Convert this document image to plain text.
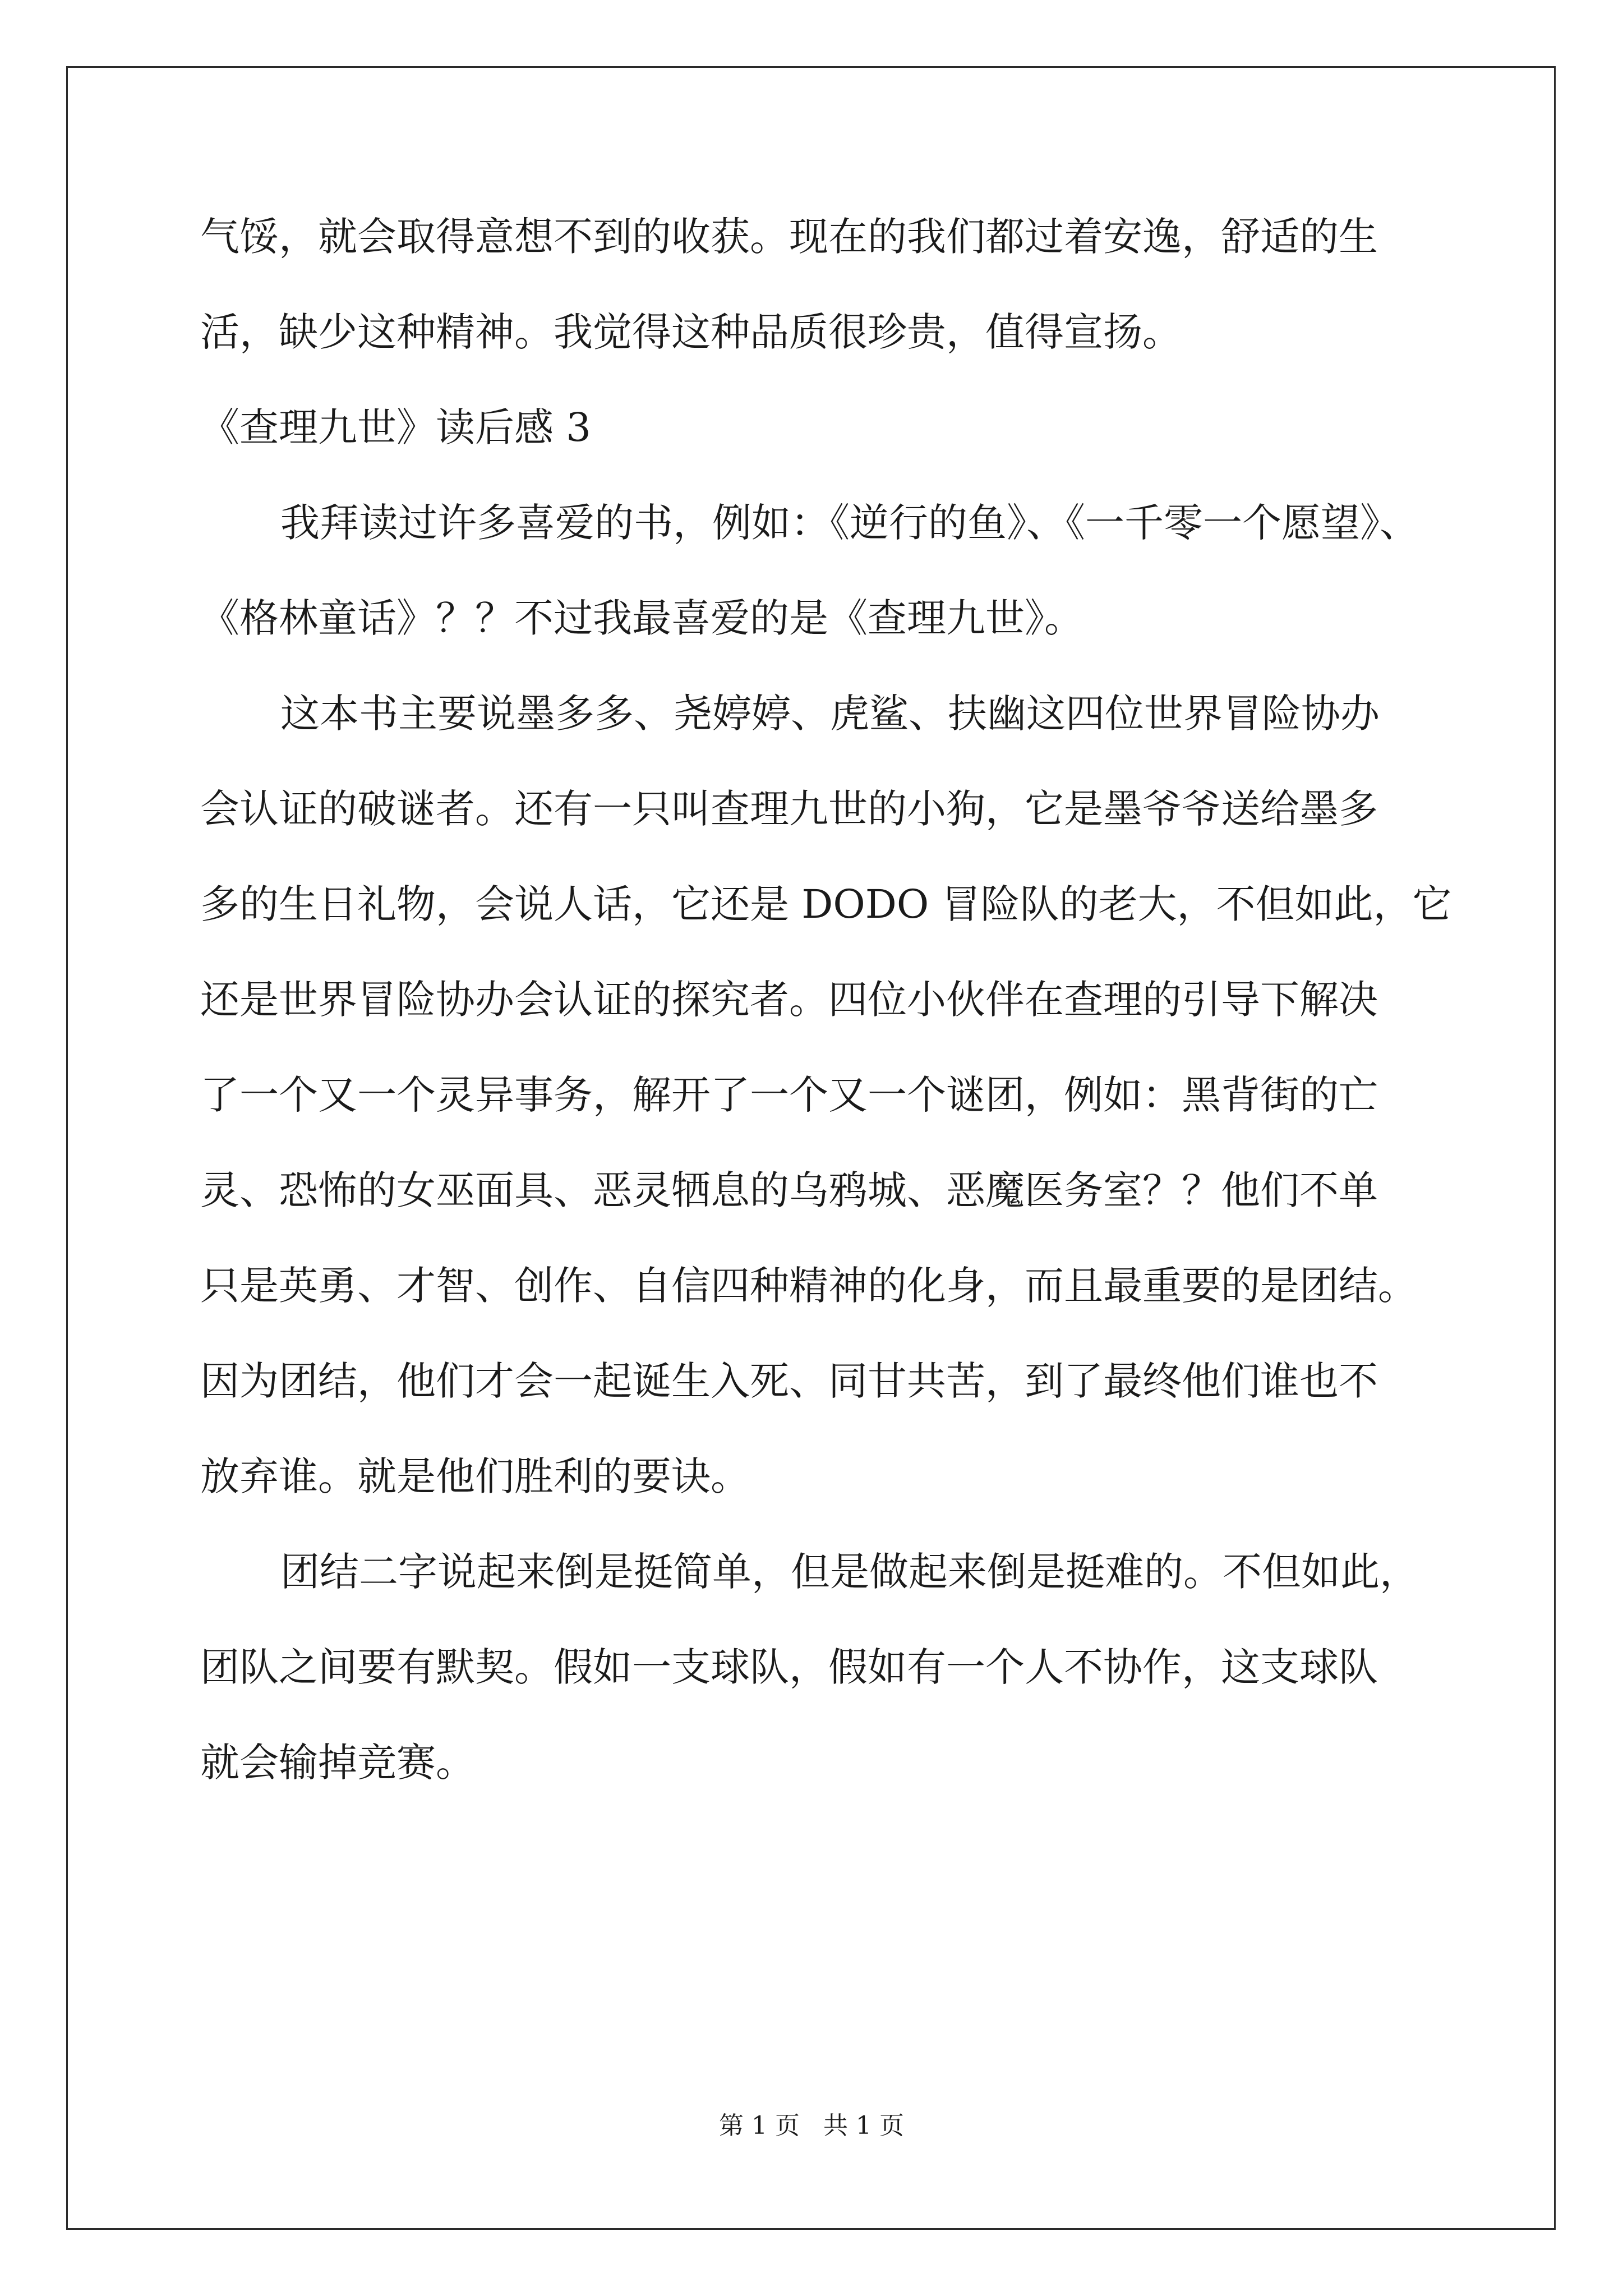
气馁，就会取得意想不到的收获。现在的我们都过着安逸，舒适的生
活，缺少这种精神。我觉得这种品质很珍贵，值得宣扬。
《查理九世》读后感 3
我拜读过许多喜爱的书，例如：《逆行的鱼》、《一千零一个愿望》、
《格林童话》？？不过我最喜爱的是《查理九世》。
这本书主要说墨多多、尧婷婷、虎鲨、扶幽这四位世界冒险协办
会认证的破谜者。还有一只叫查理九世的小狗，它是墨爷爷送给墨多
多的生日礼物，会说人话，它还是 DODO 冒险队的老大，不但如此，它
还是世界冒险协办会认证的探究者。四位小伙伴在查理的引导下解决
了一个又一个灵异事务，解开了一个又一个谜团，例如：黑背街的亡
灵、恐怖的女巫面具、恶灵牺息的乌鸦城、恶魔医务室？？他们不单
只是英勇、才智、创作、自信四种精神的化身，而且最重要的是团结。
因为团结，他们才会一起诞生入死、同甘共苦，到了最终他们谁也不
放弃谁。就是他们胜利的要诀。
团结二字说起来倒是挺简单，但是做起来倒是挺难的。不但如此，
团队之间要有默契。假如一支球队，假如有一个人不协作，这支球队
就会输掉竞赛。
第 1 页 共 1 页
